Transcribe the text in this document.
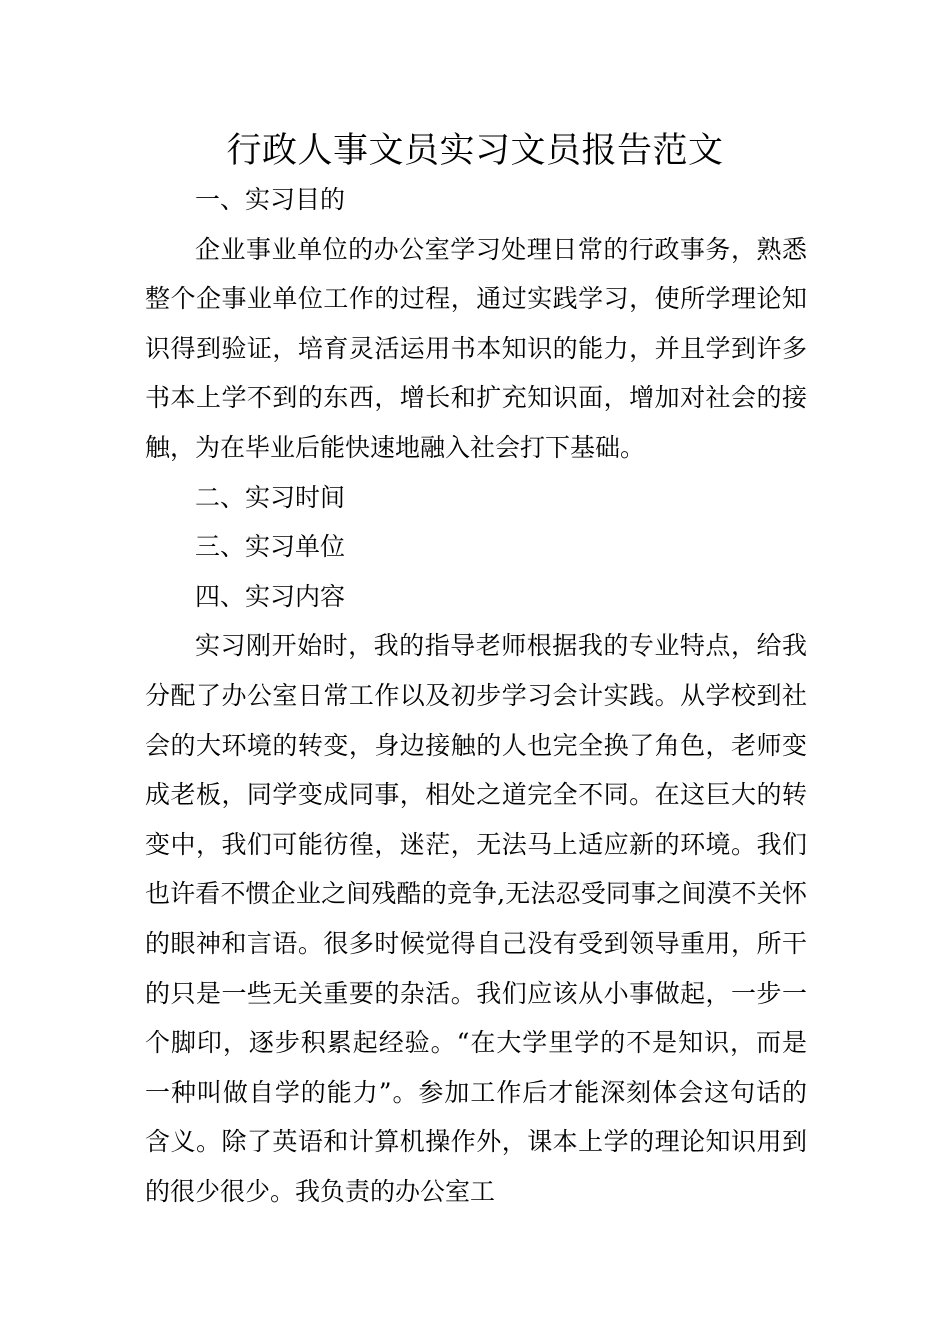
行政人事文员实习文员报告范文

一、实习目的

企业事业单位的办公室学习处理日常的行政事务，熟悉整个企事业单位工作的过程，通过实践学习，使所学理论知识得到验证，培育灵活运用书本知识的能力，并且学到许多书本上学不到的东西，增长和扩充知识面，增加对社会的接触，为在毕业后能快速地融入社会打下基础。

二、实习时间

三、实习单位

四、实习内容

实习刚开始时，我的指导老师根据我的专业特点，给我分配了办公室日常工作以及初步学习会计实践。从学校到社会的大环境的转变，身边接触的人也完全换了角色，老师变成老板，同学变成同事，相处之道完全不同。在这巨大的转变中，我们可能彷徨，迷茫，无法马上适应新的环境。我们也许看不惯企业之间残酷的竞争,无法忍受同事之间漠不关怀的眼神和言语。很多时候觉得自己没有受到领导重用，所干的只是一些无关重要的杂活。我们应该从小事做起，一步一个脚印，逐步积累起经验。“在大学里学的不是知识，而是一种叫做自学的能力”。参加工作后才能深刻体会这句话的含义。除了英语和计算机操作外，课本上学的理论知识用到的很少很少。我负责的办公室工
